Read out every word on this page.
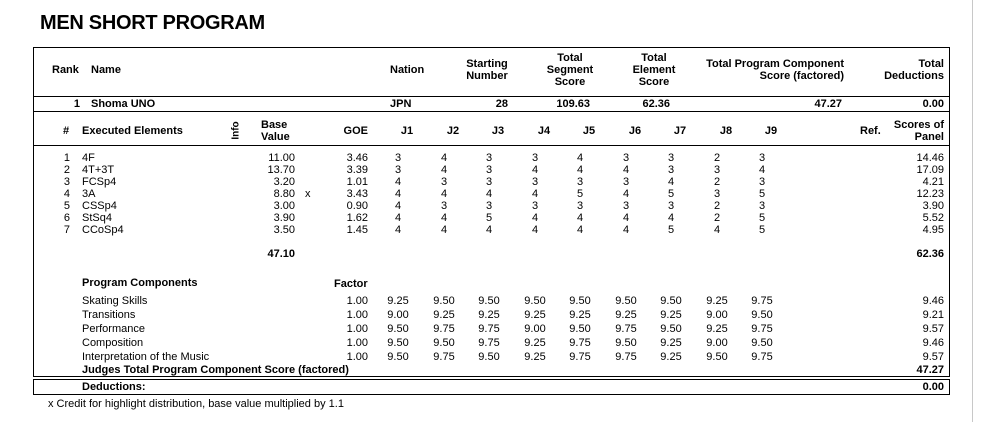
MEN SHORT PROGRAM
Rank Name	Nation	Starting
Number
Total
Segment
Score
Total
Element
Score
Total Program Component
Score (factored)
Total
Deductions
1 Shoma UNO	JPN	28	109.63	62.36	47.27	0.00
# Executed Elements	Info Base
Value	GOE	J1	J2	J3	J4	J5	J6	J7	J8	J9	Ref.	Scores of
Panel
1 4F	11.00	3.46	3	4	3	3	4	3	3	2	3	14.46
2 4T+3T	13.70	3.39	3	4	3	4	4	4	3	3	4	17.09
3 FCSp4	3.20	1.01	4	3	3	3	3	3	4	2	3	4.21
4 3A	8.80 x	3.43	4	4	4	4	5	4	5	3	5	12.23
5 CSSp4	3.00	0.90	4	3	3	3	3	3	3	2	3	3.90
6 StSq4	3.90	1.62	4	4	5	4	4	4	4	2	5	5.52
7 CCoSp4	3.50	1.45	4	4	4	4	4	4	5	4	5	4.95
47.10	62.36
Program Components	Factor
Skating Skills	1.00	9.25	9.50	9.50	9.50	9.50	9.50	9.50	9.25	9.75	9.46
Transitions	1.00	9.00	9.25	9.25	9.25	9.25	9.25	9.25	9.00	9.50	9.21
Performance	1.00	9.50	9.75	9.75	9.00	9.50	9.75	9.50	9.25	9.75	9.57
Composition	1.00	9.50	9.50	9.75	9.25	9.75	9.50	9.25	9.00	9.50	9.46
Interpretation of the Music	1.00	9.50	9.75	9.50	9.25	9.75	9.75	9.25	9.50	9.75	9.57
Judges Total Program Component Score (factored)	47.27
Deductions:	0.00
x Credit for highlight distribution, base value multiplied by 1.1
